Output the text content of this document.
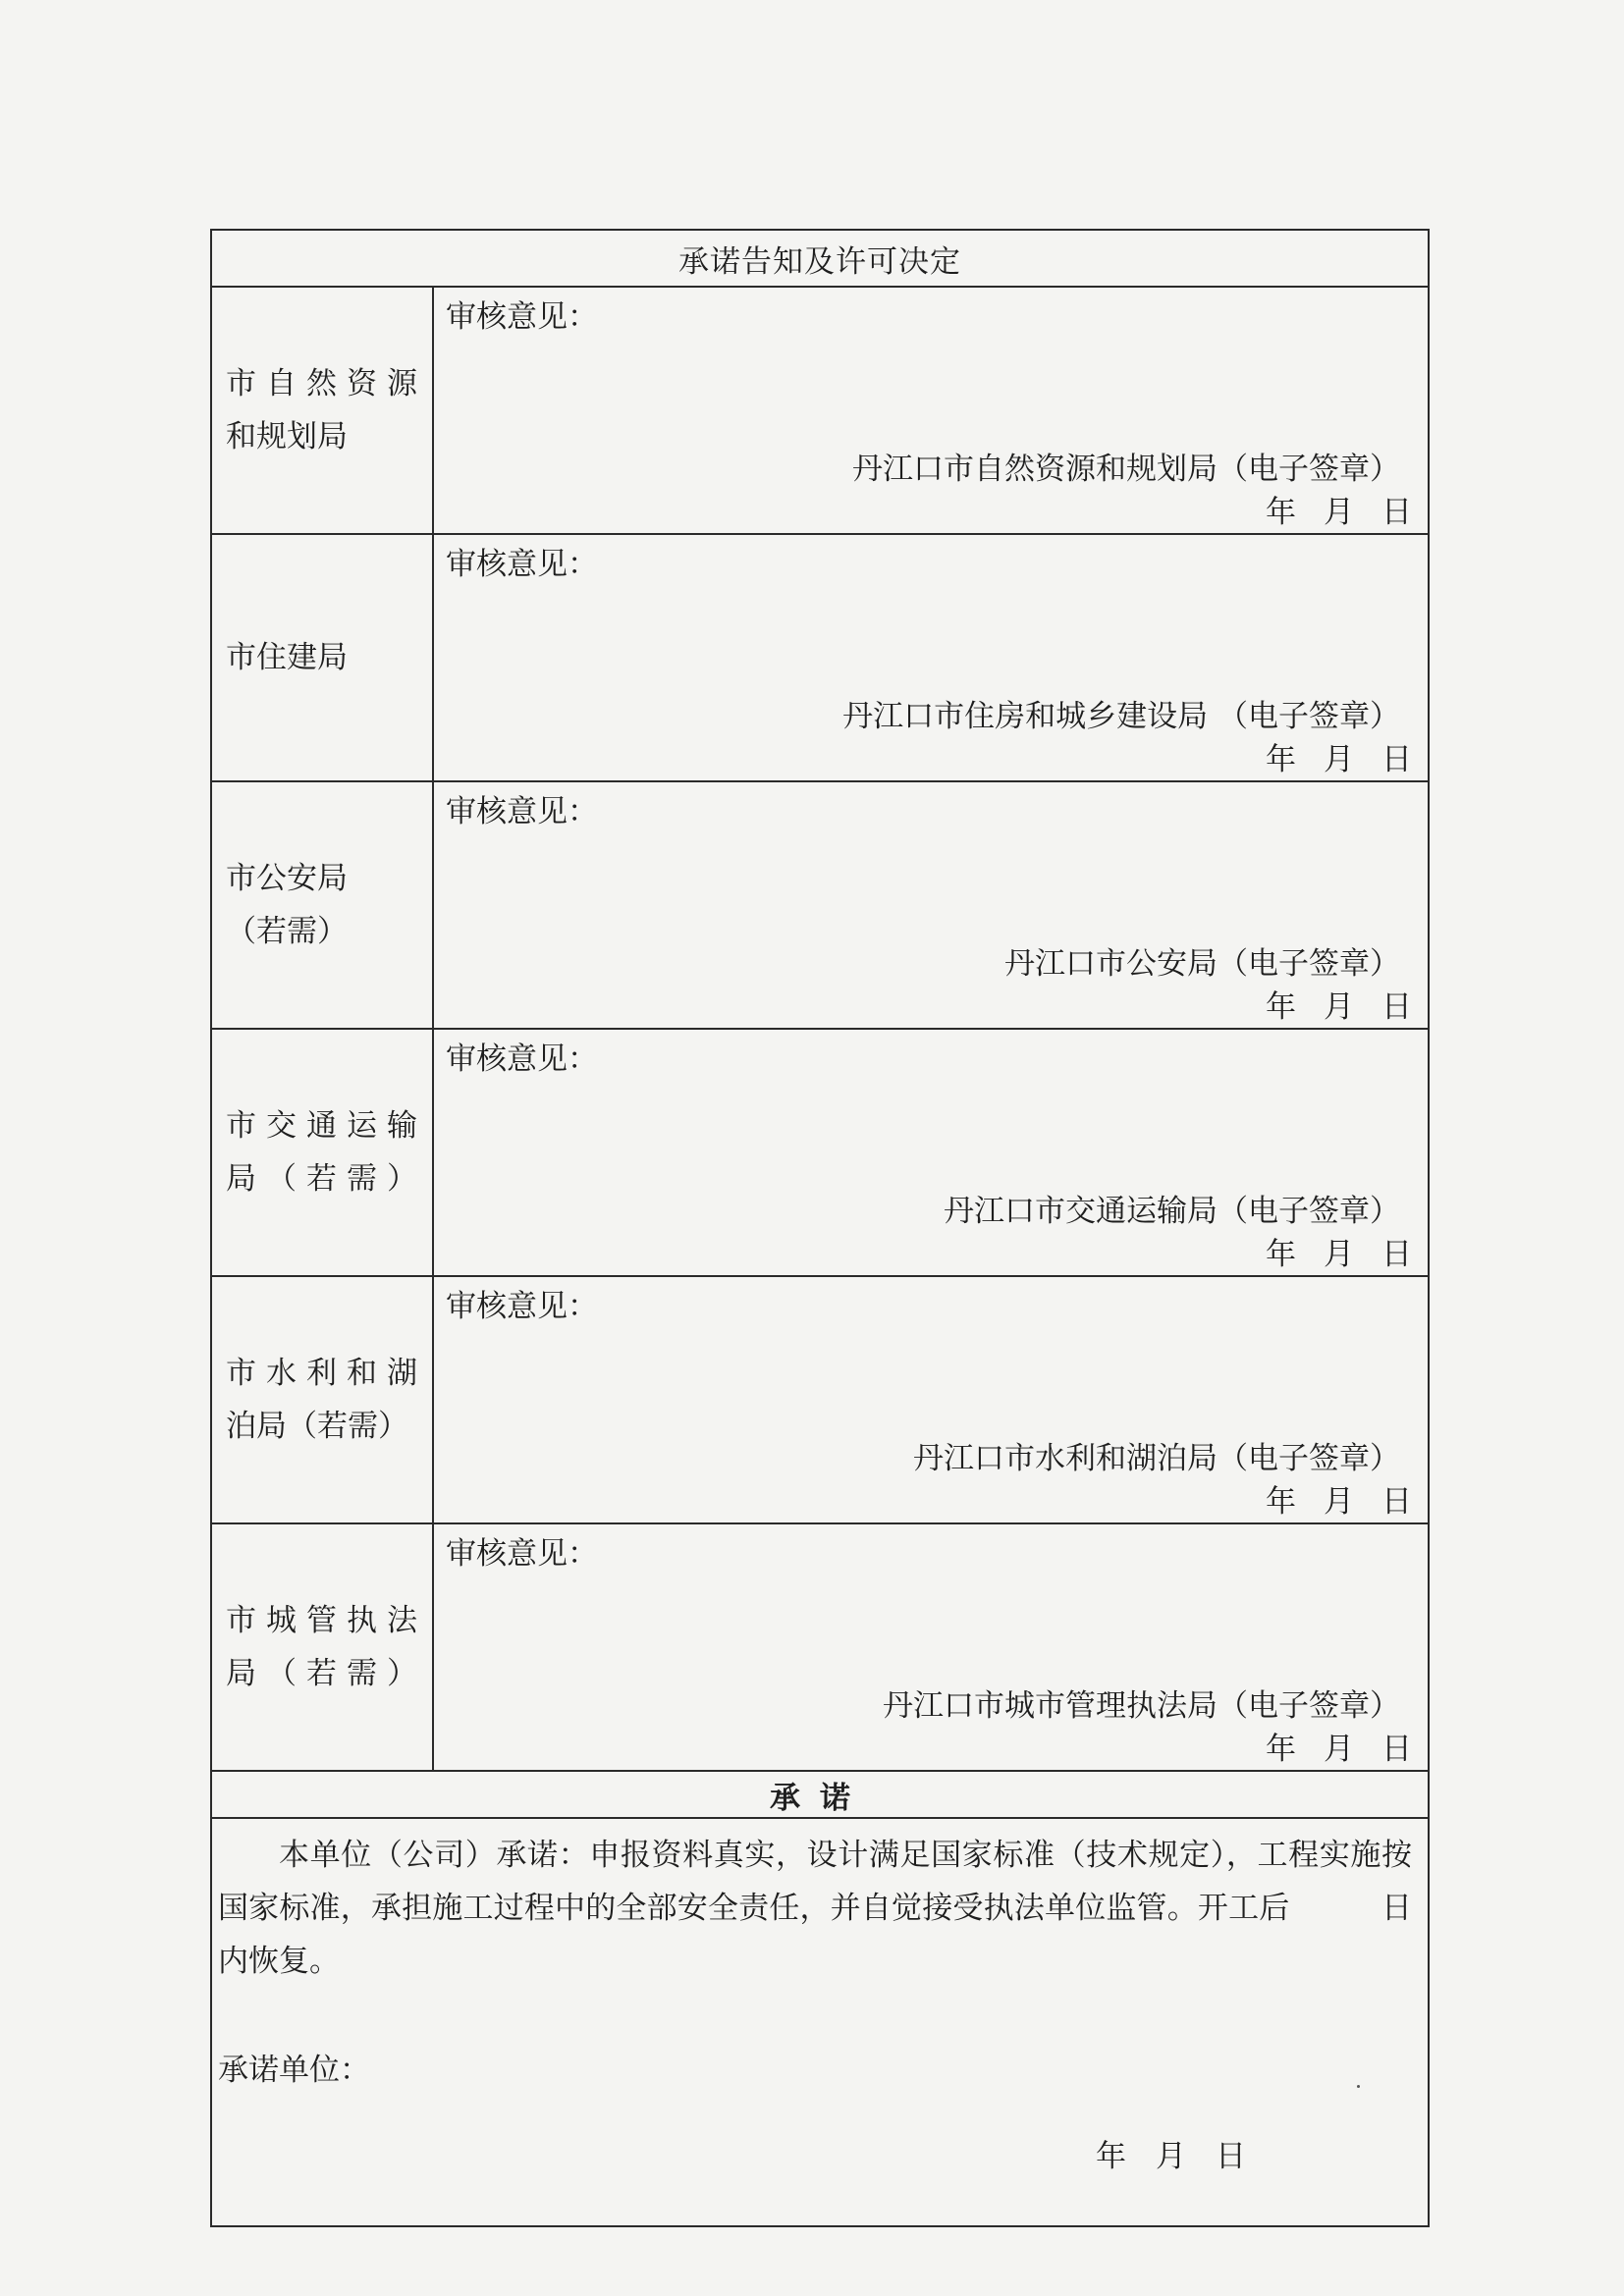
承诺告知及许可决定	

市自然资源
和规划局	审核意见：
丹江口市自然资源和规划局（电子签章）
年 月 日

市住建局	审核意见：
丹江口市住房和城乡建设局 （电子签章）
年 月 日

市公安局
（若需）	审核意见：
丹江口市公安局（电子签章）
年 月 日

市交通运输
局（若需）	审核意见：
丹江口市交通运输局（电子签章）
年 月 日

市水利和湖
泊局（若需）	审核意见：
丹江口市水利和湖泊局（电子签章）
年 月 日

市城管执法
局（若需）	审核意见：
丹江口市城市管理执法局（电子签章）
年 月 日

承诺	

本单位（公司）承诺：申报资料真实，设计满足国家标准（技术规定），工程实施按国家标准，承担施工过程中的全部安全责任，并自觉接受执法单位监管。开工后　　　日内恢复。
承诺单位：
年 月 日	
